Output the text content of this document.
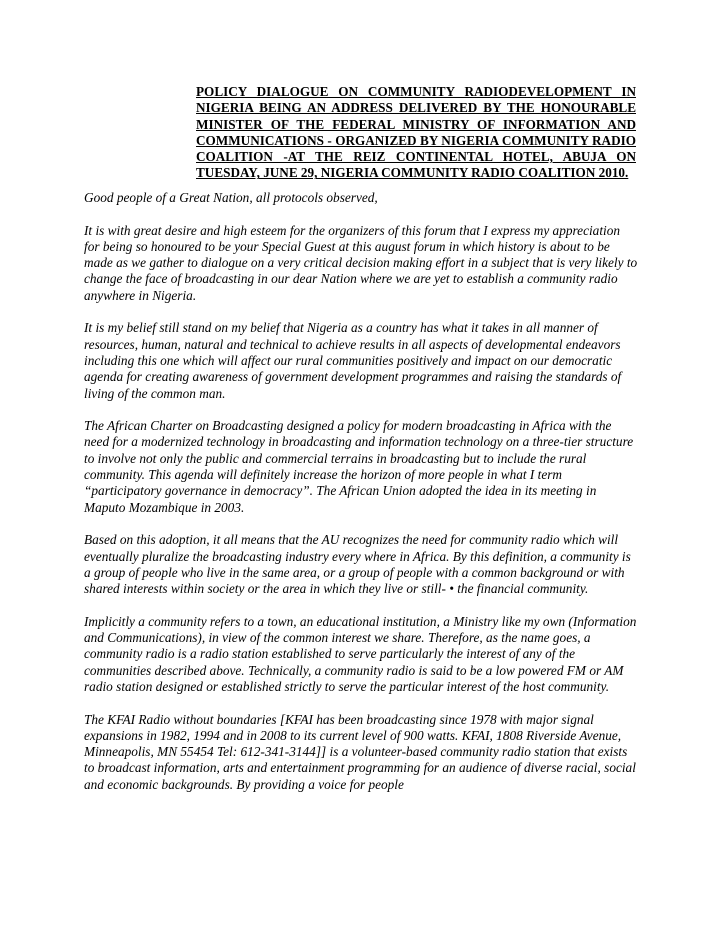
POLICY DIALOGUE ON COMMUNITY RADIODEVELOPMENT IN NIGERIA BEING AN ADDRESS DELIVERED BY THE HONOURABLE MINISTER OF THE FEDERAL MINISTRY OF INFORMATION AND COMMUNICATIONS - ORGANIZED BY NIGERIA COMMUNITY RADIO COALITION -AT THE REIZ CONTINENTAL HOTEL, ABUJA ON TUESDAY, JUNE 29, NIGERIA COMMUNITY RADIO COALITION 2010.

Good people of a Great Nation, all protocols observed,

It is with great desire and high esteem for the organizers of this forum that I express my appreciation for being so honoured to be your Special Guest at this august forum in which history is about to be made as we gather to dialogue on a very critical decision making effort in a subject that is very likely to change the face of broadcasting in our dear Nation where we are yet to establish a community radio anywhere in Nigeria.

It is my belief still stand on my belief that Nigeria as a country has what it takes in all manner of resources, human, natural and technical to achieve results in all aspects of developmental endeavors including this one which will affect our rural communities positively and impact on our democratic agenda for creating awareness of government development programmes and raising the standards of living of the common man.

The African Charter on Broadcasting designed a policy for modern broadcasting in Africa with the need for a modernized technology in broadcasting and information technology on a three-tier structure to involve not only the public and commercial terrains in broadcasting but to include the rural community. This agenda will definitely increase the horizon of more people in what I term “participatory governance in democracy”. The African Union adopted the idea in its meeting in Maputo Mozambique in 2003.

Based on this adoption, it all means that the AU recognizes the need for community radio which will eventually pluralize the broadcasting industry every where in Africa. By this definition, a community is a group of people who live in the same area, or a group of people with a common background or with shared interests within society or the area in which they live or still- • the financial community.

Implicitly a community refers to a town, an educational institution, a Ministry like my own (Information and Communications), in view of the common interest we share. Therefore, as the name goes, a community radio is a radio station established to serve particularly the interest of any of the communities described above. Technically, a community radio is said to be a low powered FM or AM radio station designed or established strictly to serve the particular interest of the host community.

The KFAI Radio without boundaries [KFAI has been broadcasting since 1978 with major signal expansions in 1982, 1994 and in 2008 to its current level of 900 watts. KFAI, 1808 Riverside Avenue, Minneapolis, MN 55454 Tel: 612-341-3144]] is a volunteer-based community radio station that exists to broadcast information, arts and entertainment programming for an audience of diverse racial, social and economic backgrounds. By providing a voice for people
